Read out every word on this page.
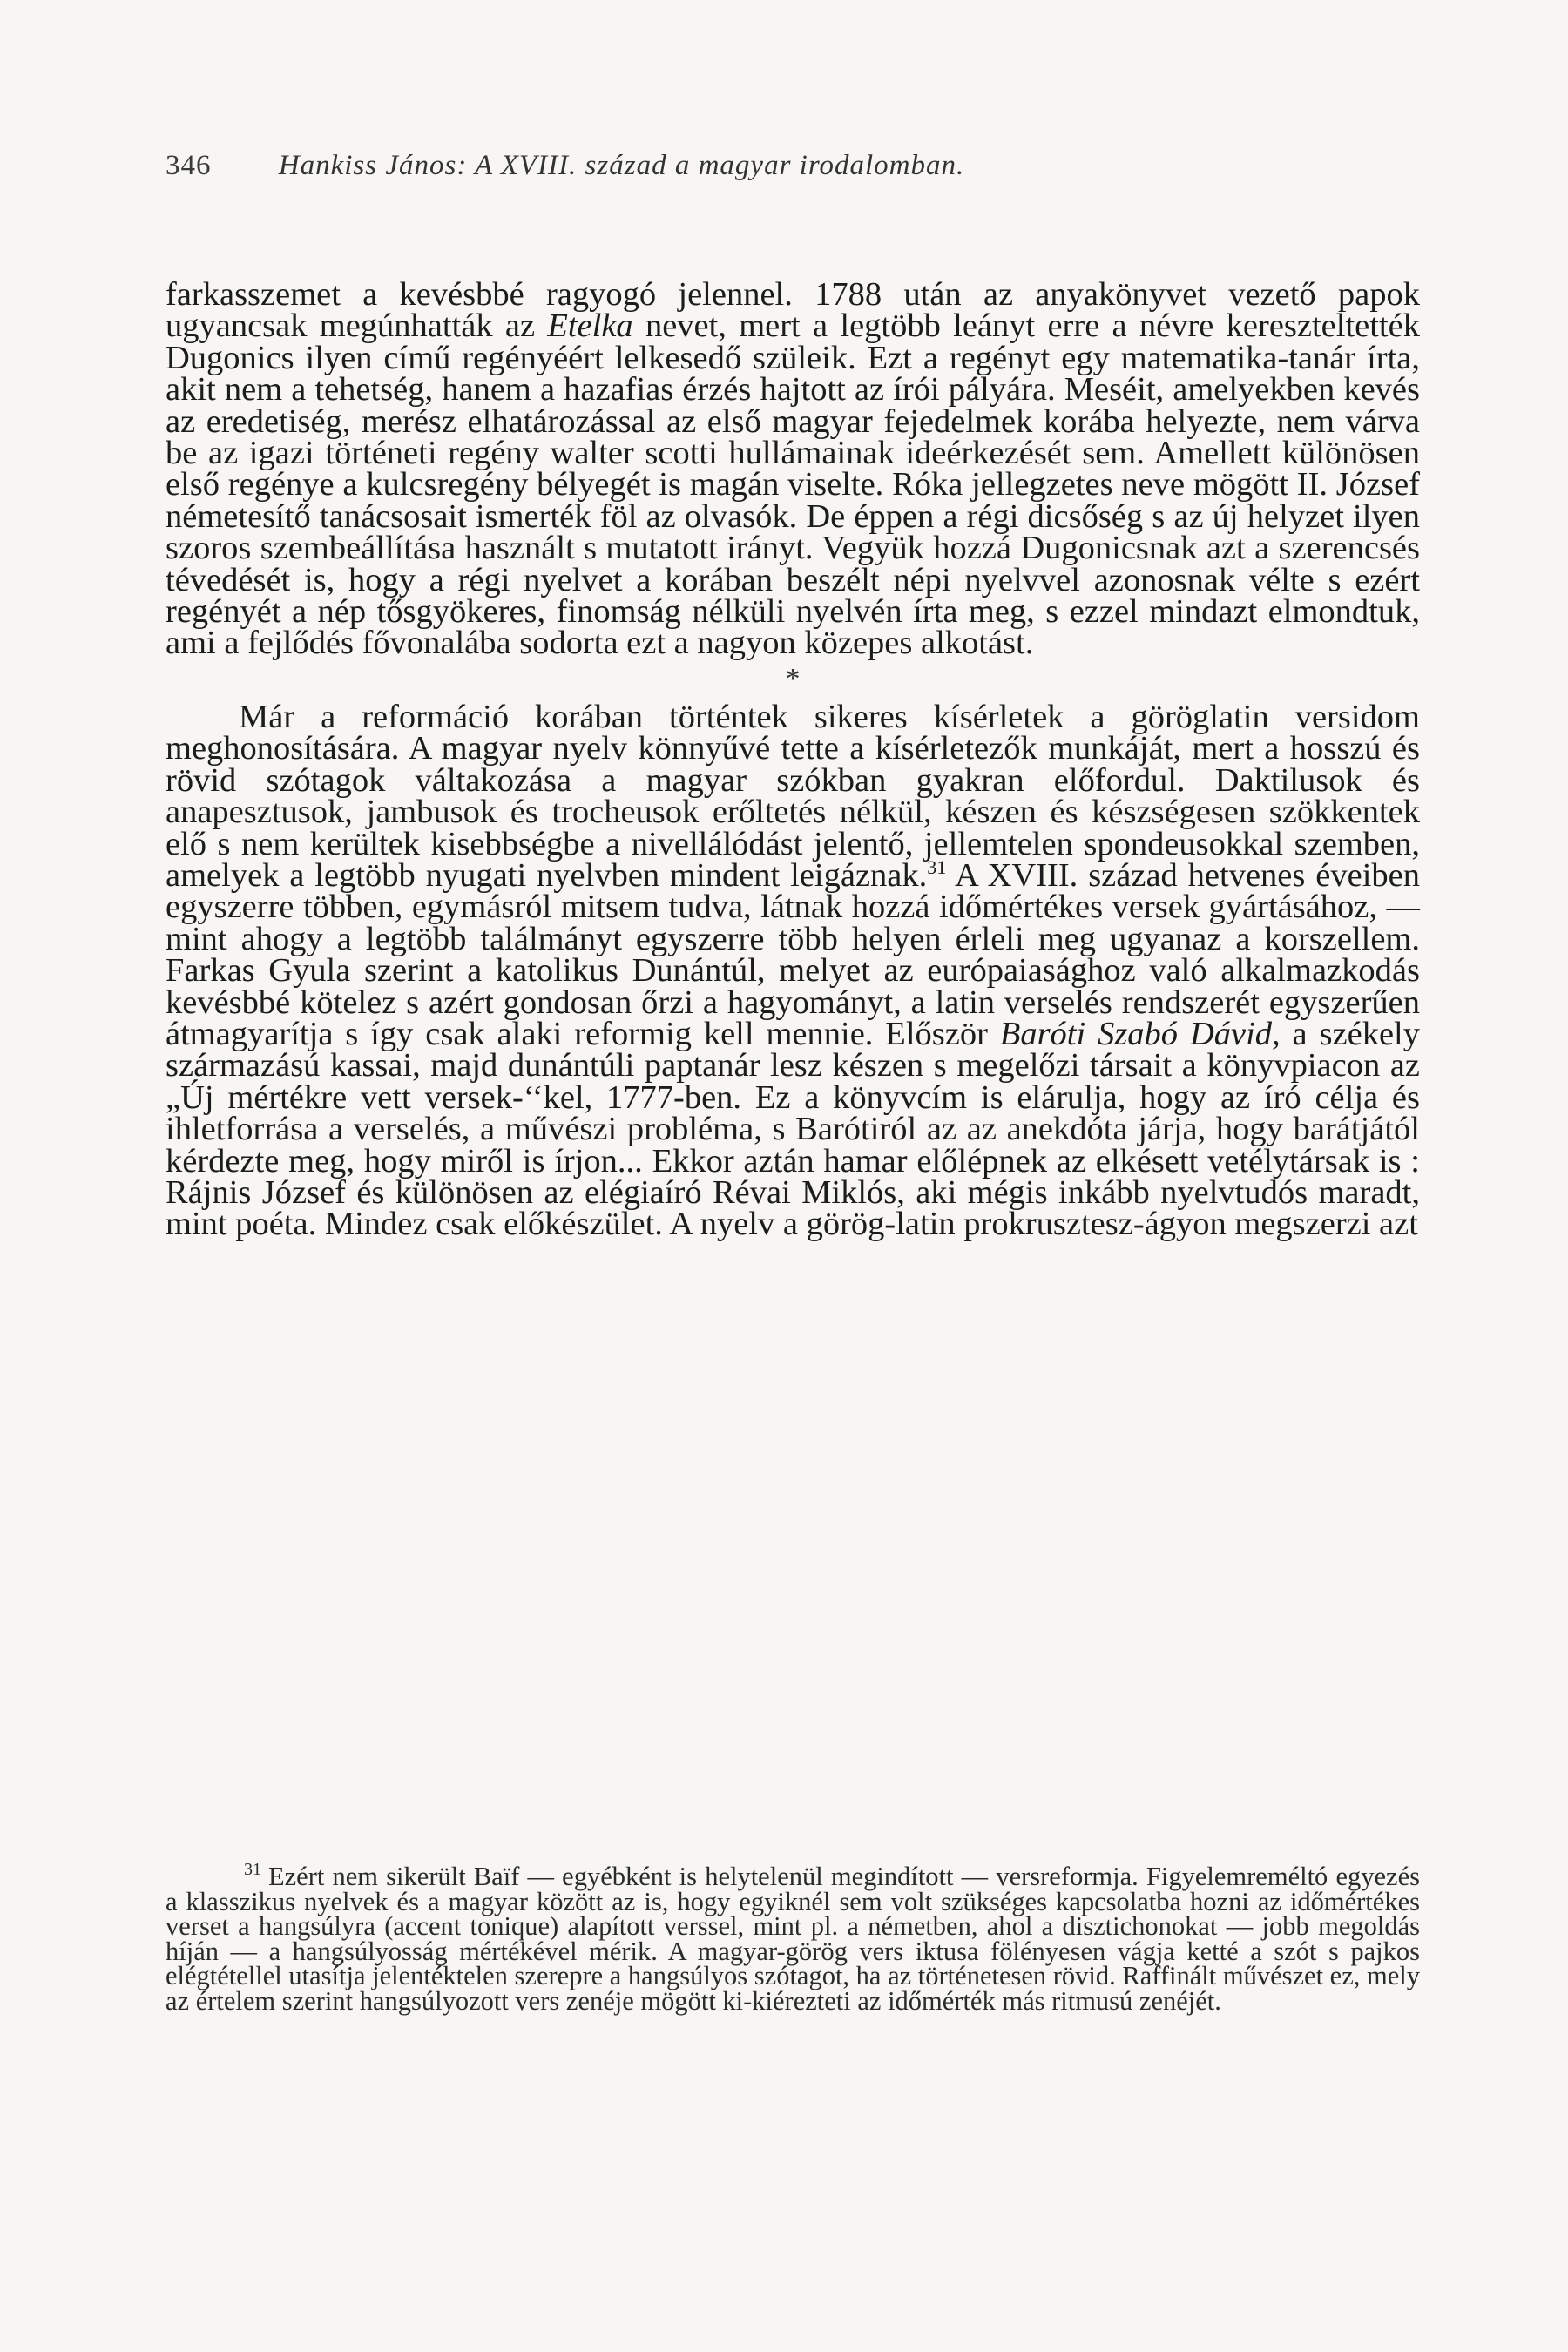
346 Hankiss János: A XVIII. század a magyar irodalomban.

farkasszemet a kevésbbé ragyogó jelennel. 1788 után az anyakönyvet vezető papok ugyancsak megúnhatták az Etelka nevet, mert a legtöbb leányt erre a névre kereszteltették Dugonics ilyen című regényéért lelkesedő szüleik. Ezt a regényt egy matematika-tanár írta, akit nem a tehetség, hanem a hazafias érzés hajtott az írói pályára. Meséit, amelyekben kevés az eredetiség, merész elhatározással az első magyar fejedelmek korába helyezte, nem várva be az igazi történeti regény walter scotti hullámainak ideérkezését sem. Amellett különösen első regénye a kulcsregény bélyegét is magán viselte. Róka jellegzetes neve mögött II. József németesítő tanácsosait ismerték föl az olvasók. De éppen a régi dicsőség s az új helyzet ilyen szoros szembeállítása használt s mutatott irányt. Vegyük hozzá Dugonicsnak azt a szerencsés tévedését is, hogy a régi nyelvet a korában beszélt népi nyelvvel azonosnak vélte s ezért regényét a nép tősgyökeres, finomság nélküli nyelvén írta meg, s ezzel mindazt elmondtuk, ami a fejlődés fővonalába sodorta ezt a nagyon közepes alkotást.

*

Már a reformáció korában történtek sikeres kísérletek a göröglatin versidom meghonosítására. A magyar nyelv könnyűvé tette a kísérletezők munkáját, mert a hosszú és rövid szótagok váltakozása a magyar szókban gyakran előfordul. Daktilusok és anapesztusok, jambusok és trocheusok erőltetés nélkül, készen és készségesen szökkentek elő s nem kerültek kisebbségbe a nivellálódást jelentő, jellemtelen spondeusokkal szemben, amelyek a legtöbb nyugati nyelvben mindent leigáznak.$^{31}$ A XVIII. század hetvenes éveiben egyszerre többen, egymásról mitsem tudva, látnak hozzá időmértékes versek gyártásához, — mint ahogy a legtöbb találmányt egyszerre több helyen érleli meg ugyanaz a korszellem. Farkas Gyula szerint a katolikus Dunántúl, melyet az európaiasághoz való alkalmazkodás kevésbbé kötelez s azért gondosan őrzi a hagyományt, a latin verselés rendszerét egyszerűen átmagyarítja s így csak alaki reformig kell mennie. Először Baróti Szabó Dávid, a székely származású kassai, majd dunántúli paptanár lesz készen s megelőzi társait a könyvpiacon az „Új mértékre vett versek-‘‘kel, 1777-ben. Ez a könyvcím is elárulja, hogy az író célja és ihletforrása a verselés, a művészi probléma, s Barótiról az az anekdóta járja, hogy barátjától kérdezte meg, hogy miről is írjon... Ekkor aztán hamar előlépnek az elkésett vetélytársak is : Rájnis József és különösen az elégiaíró Révai Miklós, aki mégis inkább nyelvtudós maradt, mint poéta. Mindez csak előkészület. A nyelv a görög-latin prokrusztesz-ágyon megszerzi azt

$^{31}$ Ezért nem sikerült Baïf — egyébként is helytelenül megindított — versreformja. Figyelemreméltó egyezés a klasszikus nyelvek és a magyar között az is, hogy egyiknél sem volt szükséges kapcsolatba hozni az időmértékes verset a hangsúlyra (accent tonique) alapított verssel, mint pl. a németben, ahol a disztichonokat — jobb megoldás híján — a hangsúlyosság mértékével mérik. A magyar-görög vers iktusa fölényesen vágja ketté a szót s pajkos elégtétellel utasítja jelentéktelen szerepre a hangsúlyos szótagot, ha az történetesen rövid. Raffinált művészet ez, mely az értelem szerint hangsúlyozott vers zenéje mögött ki-kiérezteti az időmérték más ritmusú zenéjét.
